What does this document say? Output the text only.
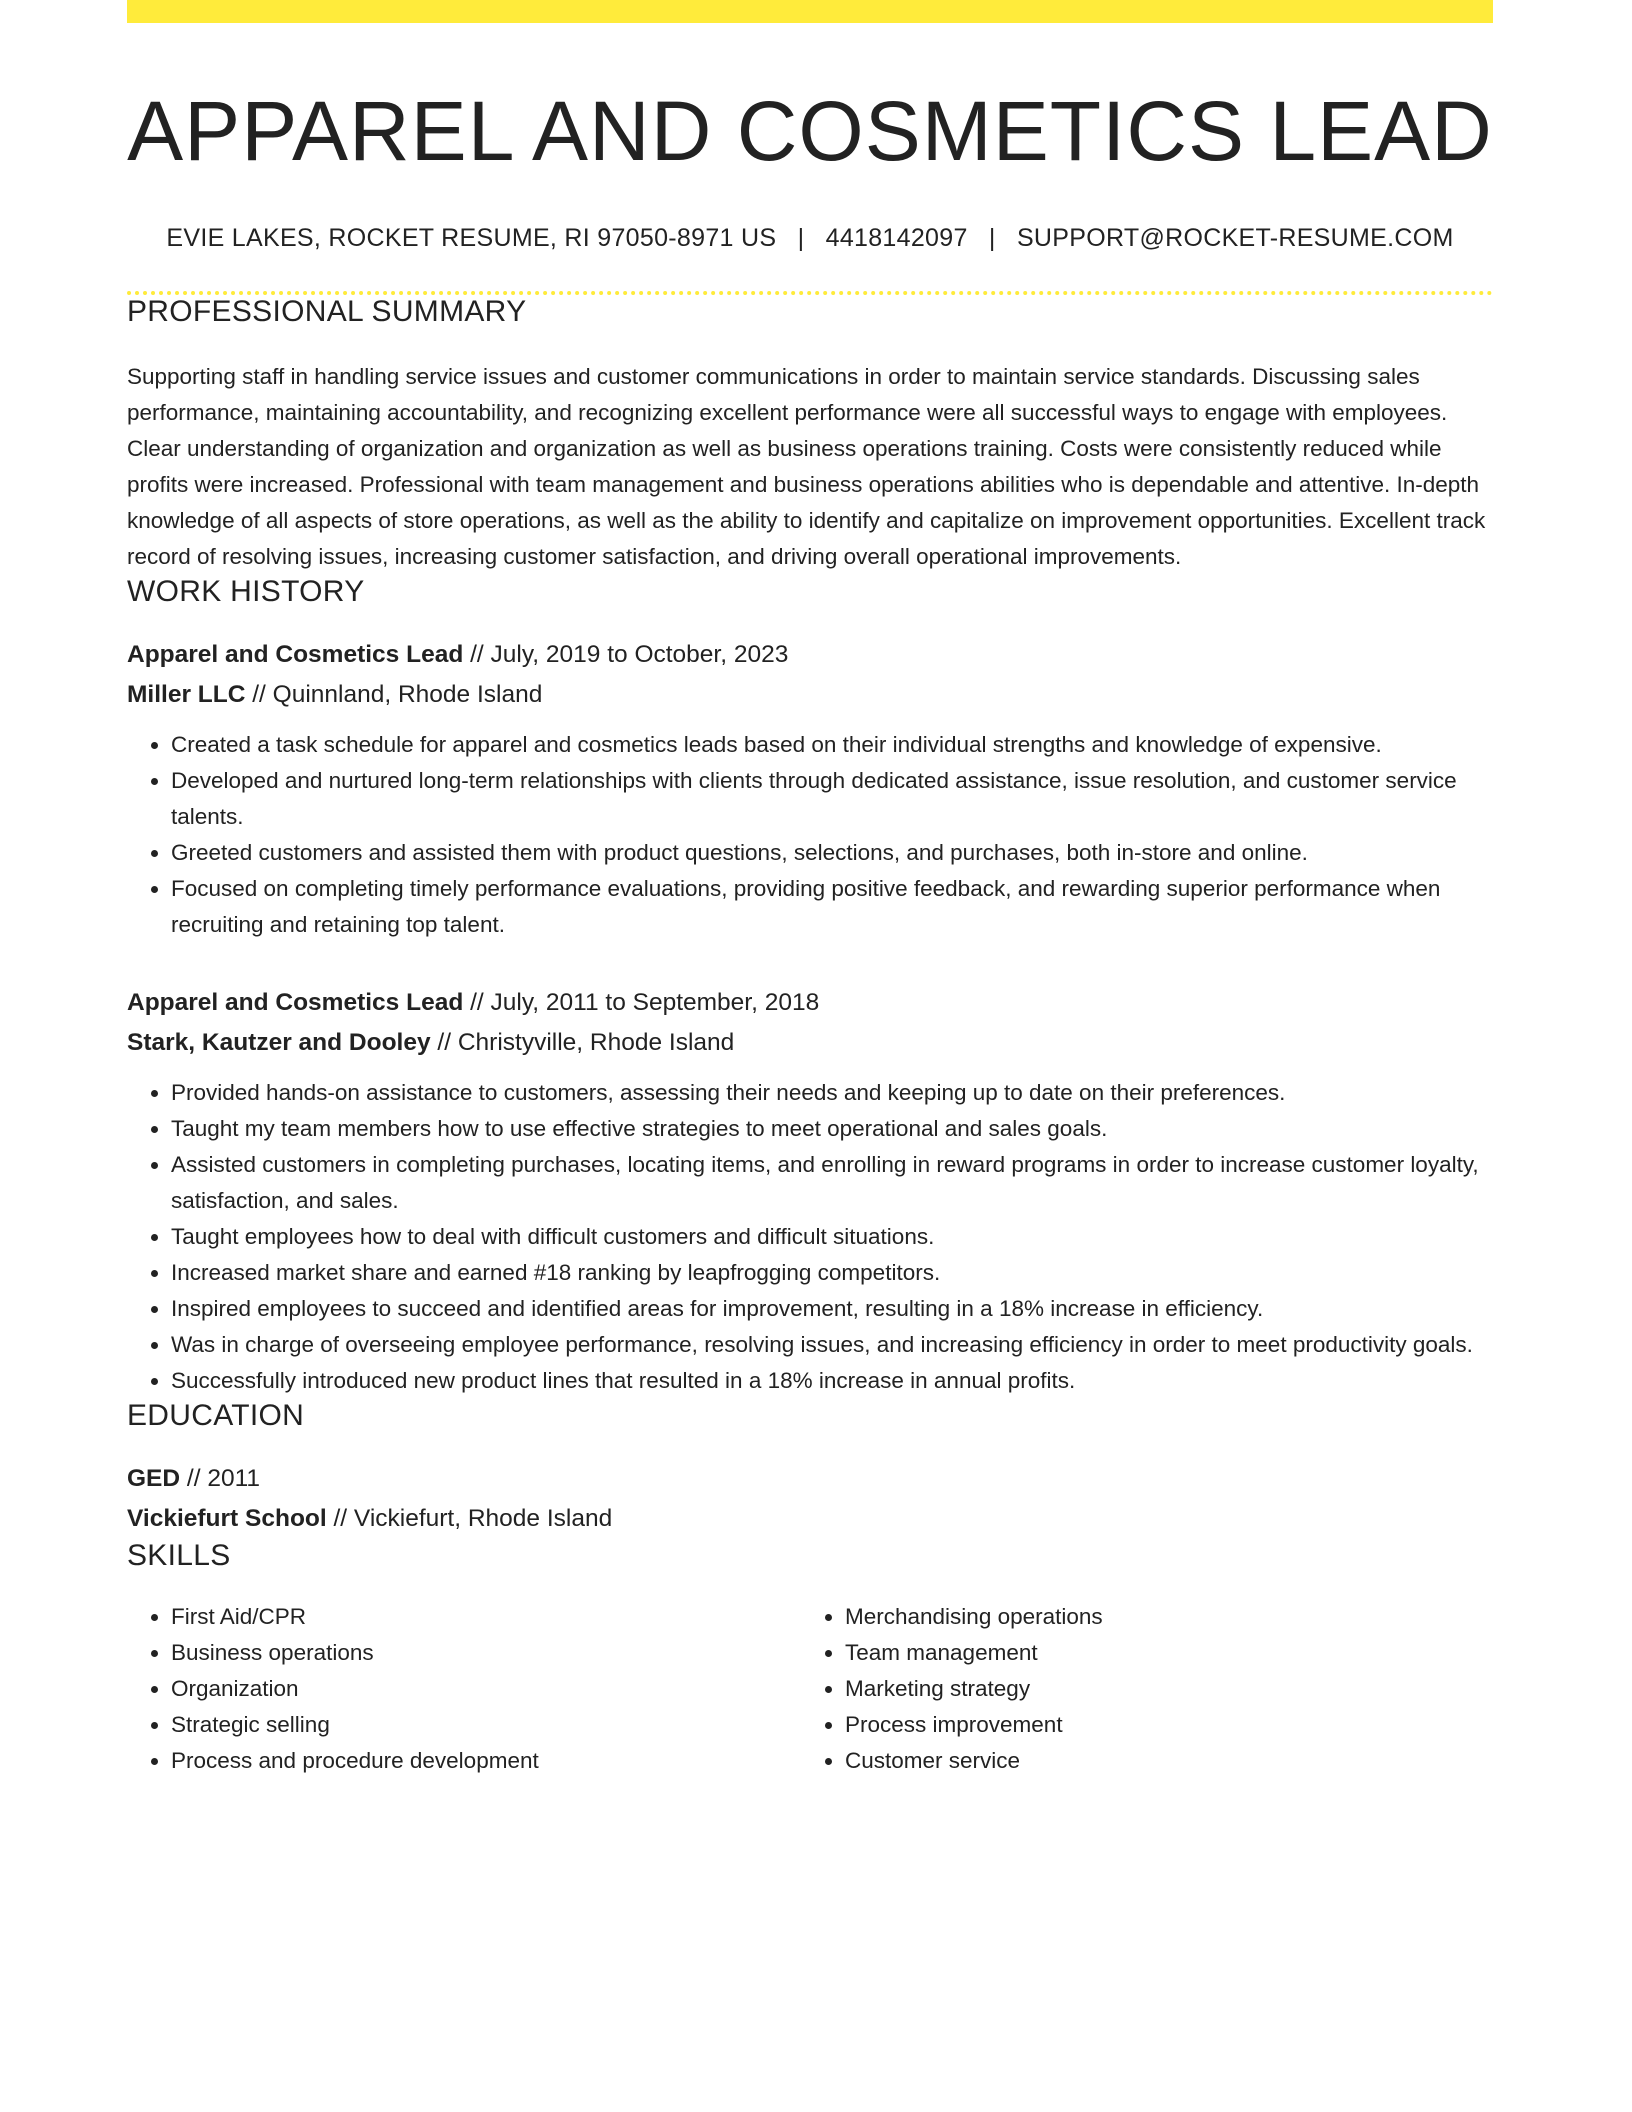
APPAREL AND COSMETICS LEAD
EVIE LAKES, ROCKET RESUME, RI 97050-8971 US | 4418142097 | SUPPORT@ROCKET-RESUME.COM
PROFESSIONAL SUMMARY

Supporting staff in handling service issues and customer communications in order to maintain service standards. Discussing sales performance, maintaining accountability, and recognizing excellent performance were all successful ways to engage with employees. Clear understanding of organization and organization as well as business operations training. Costs were consistently reduced while profits were increased. Professional with team management and business operations abilities who is dependable and attentive. In-depth knowledge of all aspects of store operations, as well as the ability to identify and capitalize on improvement opportunities. Excellent track record of resolving issues, increasing customer satisfaction, and driving overall operational improvements.

WORK HISTORY
Apparel and Cosmetics Lead // July, 2019 to October, 2023
Miller LLC // Quinnland, Rhode Island
• Created a task schedule for apparel and cosmetics leads based on their individual strengths and knowledge of expensive.
• Developed and nurtured long-term relationships with clients through dedicated assistance, issue resolution, and customer service talents.
• Greeted customers and assisted them with product questions, selections, and purchases, both in-store and online.
• Focused on completing timely performance evaluations, providing positive feedback, and rewarding superior performance when recruiting and retaining top talent.
Apparel and Cosmetics Lead // July, 2011 to September, 2018
Stark, Kautzer and Dooley // Christyville, Rhode Island
• Provided hands-on assistance to customers, assessing their needs and keeping up to date on their preferences.
• Taught my team members how to use effective strategies to meet operational and sales goals.
• Assisted customers in completing purchases, locating items, and enrolling in reward programs in order to increase customer loyalty, satisfaction, and sales.
• Taught employees how to deal with difficult customers and difficult situations.
• Increased market share and earned #18 ranking by leapfrogging competitors.
• Inspired employees to succeed and identified areas for improvement, resulting in a 18% increase in efficiency.
• Was in charge of overseeing employee performance, resolving issues, and increasing efficiency in order to meet productivity goals.
• Successfully introduced new product lines that resulted in a 18% increase in annual profits.
EDUCATION
GED // 2011
Vickiefurt School // Vickiefurt, Rhode Island
SKILLS
• First Aid/CPR
• Business operations
• Organization
• Strategic selling
• Process and procedure development
• Merchandising operations
• Team management
• Marketing strategy
• Process improvement
• Customer service
